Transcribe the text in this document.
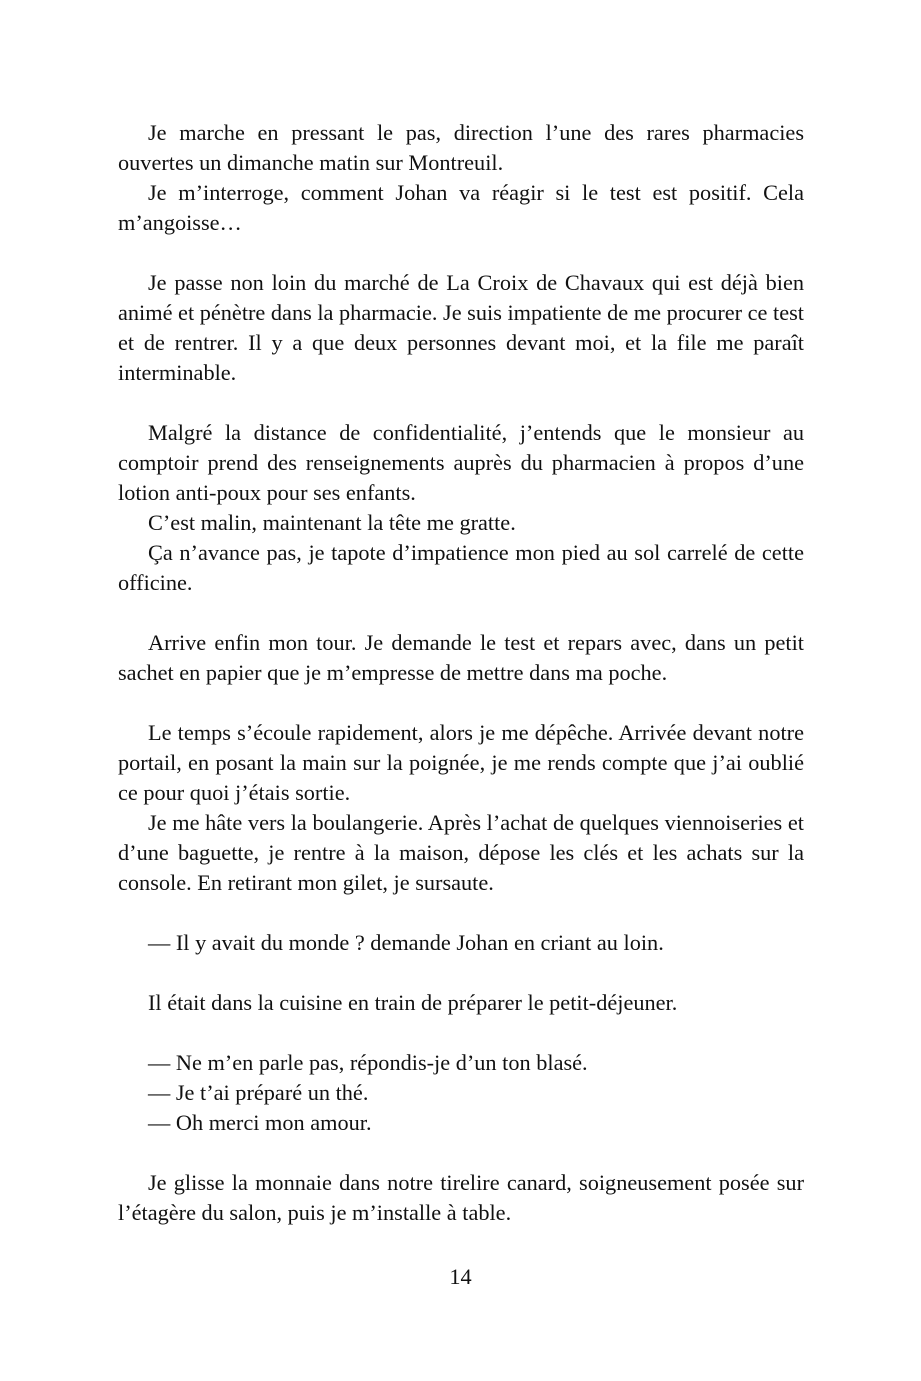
Je marche en pressant le pas, direction l’une des rares pharmacies ouvertes un dimanche matin sur Montreuil.

Je m’interroge, comment Johan va réagir si le test est positif. Cela m’angoisse…

Je passe non loin du marché de La Croix de Chavaux qui est déjà bien animé et pénètre dans la pharmacie. Je suis impatiente de me procurer ce test et de rentrer. Il y a que deux personnes devant moi, et la file me paraît interminable.

Malgré la distance de confidentialité, j’entends que le monsieur au comptoir prend des renseignements auprès du pharmacien à propos d’une lotion anti-poux pour ses enfants.

C’est malin, maintenant la tête me gratte.

Ça n’avance pas, je tapote d’impatience mon pied au sol carrelé de cette officine.

Arrive enfin mon tour. Je demande le test et repars avec, dans un petit sachet en papier que je m’empresse de mettre dans ma poche.

Le temps s’écoule rapidement, alors je me dépêche. Arrivée devant notre portail, en posant la main sur la poignée, je me rends compte que j’ai oublié ce pour quoi j’étais sortie.

Je me hâte vers la boulangerie. Après l’achat de quelques viennoiseries et d’une baguette, je rentre à la maison, dépose les clés et les achats sur la console. En retirant mon gilet, je sursaute.

— Il y avait du monde ? demande Johan en criant au loin.

Il était dans la cuisine en train de préparer le petit-déjeuner.

— Ne m’en parle pas, répondis-je d’un ton blasé.

— Je t’ai préparé un thé.

— Oh merci mon amour.

Je glisse la monnaie dans notre tirelire canard, soigneusement posée sur l’étagère du salon, puis je m’installe à table.

14
